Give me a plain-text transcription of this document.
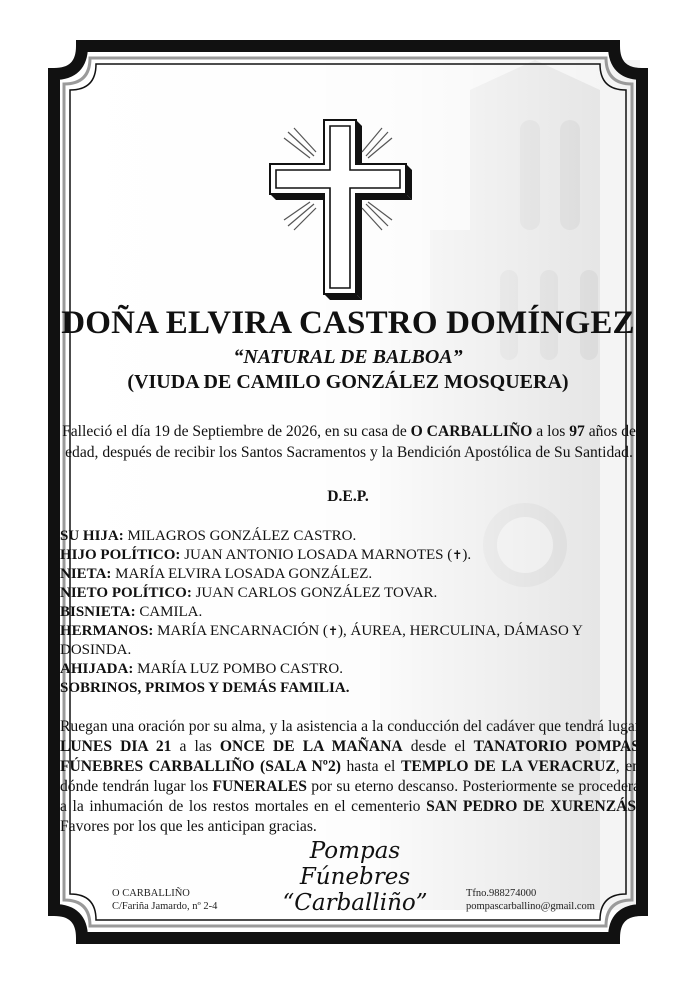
DOÑA ELVIRA CASTRO DOMÍNGEZ
“NATURAL DE BALBOA”
(VIUDA DE CAMILO GONZÁLEZ MOSQUERA)
Falleció el día 19 de Septiembre de 2026, en su casa de O CARBALLIÑO a los 97 años de edad, después de recibir los Santos Sacramentos y la Bendición Apostólica de Su Santidad.
D.E.P.
SU HIJA: MILAGROS GONZÁLEZ CASTRO.
HIJO POLÍTICO: JUAN ANTONIO LOSADA MARNOTES (✝).
NIETA: MARÍA ELVIRA LOSADA GONZÁLEZ.
NIETO POLÍTICO: JUAN CARLOS GONZÁLEZ TOVAR.
BISNIETA: CAMILA.
HERMANOS: MARÍA ENCARNACIÓN (✝), ÁUREA, HERCULINA, DÁMASO Y DOSINDA.
AHIJADA: MARÍA LUZ POMBO CASTRO.
SOBRINOS, PRIMOS Y DEMÁS FAMILIA.
Ruegan una oración por su alma, y la asistencia a la conducción del cadáver que tendrá lugar LUNES DIA 21 a las ONCE DE LA MAÑANA desde el TANATORIO POMPAS FÚNEBRES CARBALLIÑO (SALA Nº2) hasta el TEMPLO DE LA VERACRUZ, en dónde tendrán lugar los FUNERALES por su eterno descanso. Posteriormente se procederá a la inhumación de los restos mortales en el cementerio SAN PEDRO DE XURENZÁS. Favores por los que les anticipan gracias.
Pompas Fúnebres
“Carballiño”
O CARBALLIÑO
C/Fariña Jamardo, nº 2-4
Tfno.988274000
pompascarballino@gmail.com
